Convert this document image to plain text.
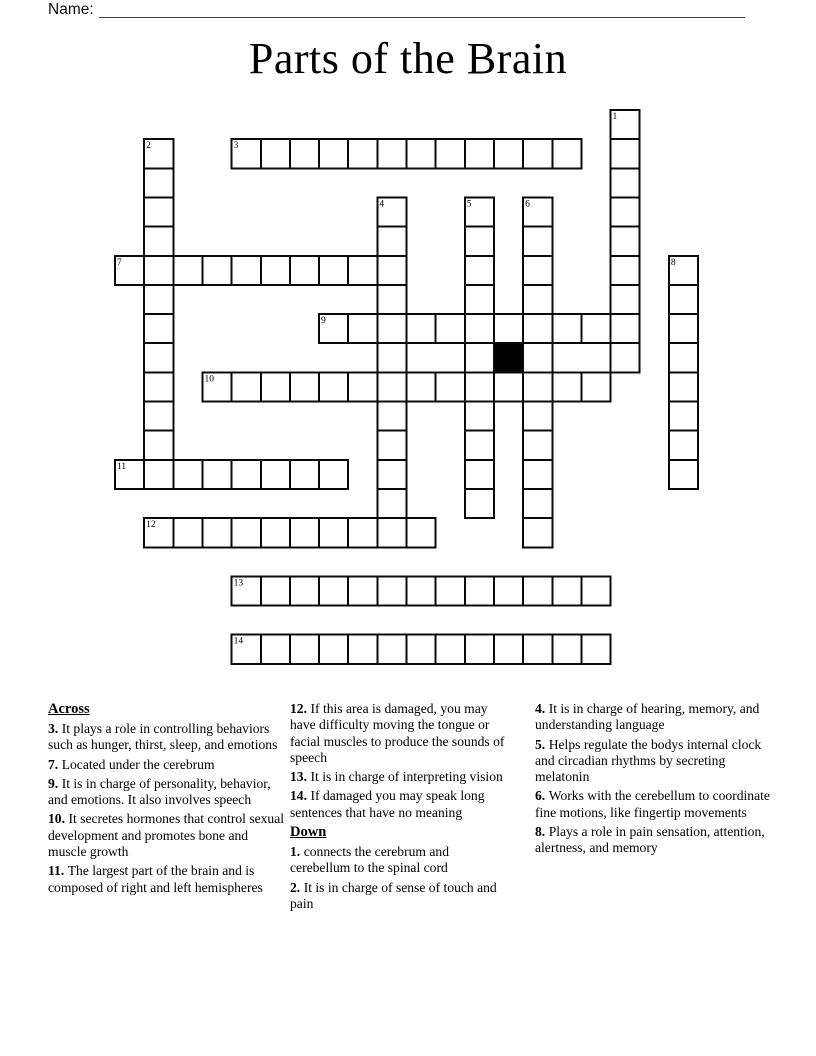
Name:
Parts of the Brain
1
2	3
4	5	6
7	8
9
10
11
12
13
14

Across

3. It plays a role in controlling behaviors such as hunger, thirst, sleep, and emotions

7. Located under the cerebrum

9. It is in charge of personality, behavior, and emotions. It also involves speech

10. It secretes hormones that control sexual development and promotes bone and muscle growth

11. The largest part of the brain and is composed of right and left hemispheres

12. If this area is damaged, you may have difficulty moving the tongue or facial muscles to produce the sounds of speech

13. It is in charge of interpreting vision

14. If damaged you may speak long sentences that have no meaning

Down

1. connects the cerebrum and cerebellum to the spinal cord

2. It is in charge of sense of touch and pain

4. It is in charge of hearing, memory, and understanding language

5. Helps regulate the bodys internal clock and circadian rhythms by secreting melatonin

6. Works with the cerebellum to coordinate fine motions, like fingertip movements

8. Plays a role in pain sensation, attention, alertness, and memory
